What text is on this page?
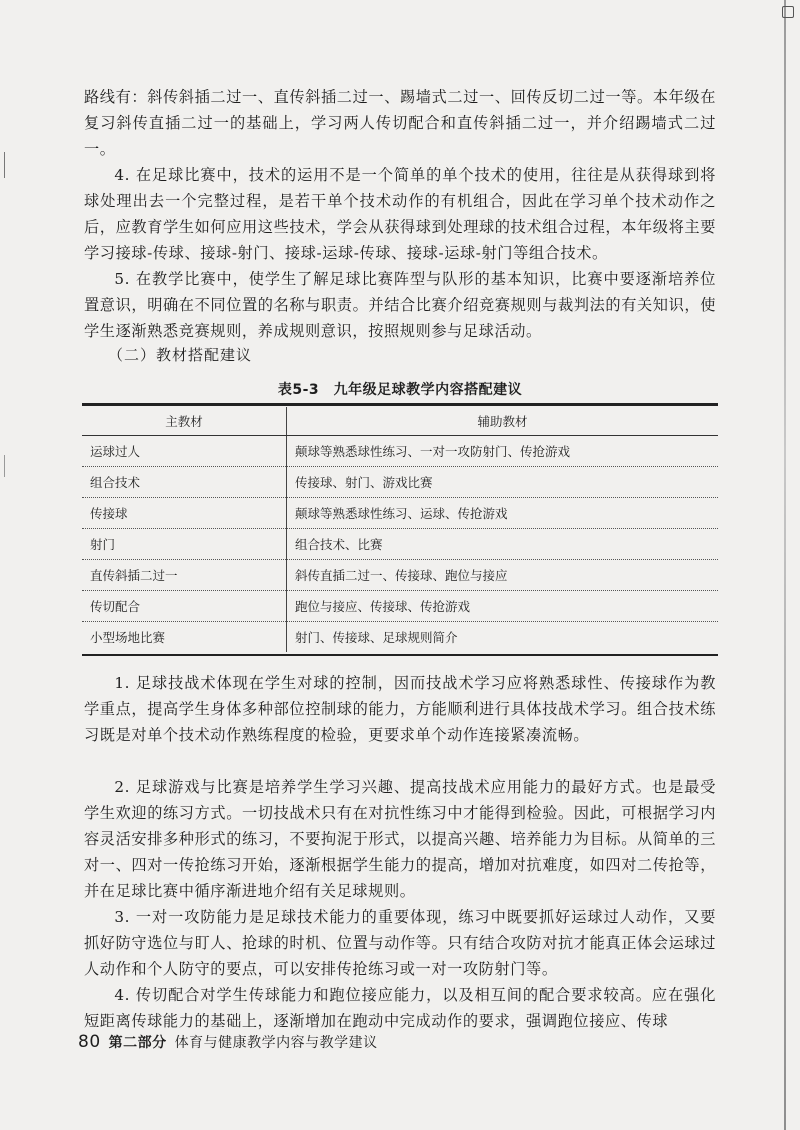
路线有：斜传斜插二过一、直传斜插二过一、踢墙式二过一、回传反切二过一等。本年级在复习斜传直插二过一的基础上，学习两人传切配合和直传斜插二过一，并介绍踢墙式二过一。

4. 在足球比赛中，技术的运用不是一个简单的单个技术的使用，往往是从获得球到将球处理出去一个完整过程，是若干单个技术动作的有机组合，因此在学习单个技术动作之后，应教育学生如何应用这些技术，学会从获得球到处理球的技术组合过程，本年级将主要学习接球-传球、接球-射门、接球-运球-传球、接球-运球-射门等组合技术。

5. 在教学比赛中，使学生了解足球比赛阵型与队形的基本知识，比赛中要逐渐培养位置意识，明确在不同位置的名称与职责。并结合比赛介绍竞赛规则与裁判法的有关知识，使学生逐渐熟悉竞赛规则，养成规则意识，按照规则参与足球活动。

（二）教材搭配建议

表5-3　九年级足球教学内容搭配建议

主教材	辅助教材
运球过人	颠球等熟悉球性练习、一对一攻防射门、传抢游戏
组合技术	传接球、射门、游戏比赛
传接球	颠球等熟悉球性练习、运球、传抢游戏
射门	组合技术、比赛
直传斜插二过一	斜传直插二过一、传接球、跑位与接应
传切配合	跑位与接应、传接球、传抢游戏
小型场地比赛	射门、传接球、足球规则简介

1. 足球技战术体现在学生对球的控制，因而技战术学习应将熟悉球性、传接球作为教学重点，提高学生身体多种部位控制球的能力，方能顺利进行具体技战术学习。组合技术练习既是对单个技术动作熟练程度的检验，更要求单个动作连接紧凑流畅。

2. 足球游戏与比赛是培养学生学习兴趣、提高技战术应用能力的最好方式。也是最受学生欢迎的练习方式。一切技战术只有在对抗性练习中才能得到检验。因此，可根据学习内容灵活安排多种形式的练习，不要拘泥于形式，以提高兴趣、培养能力为目标。从简单的三对一、四对一传抢练习开始，逐渐根据学生能力的提高，增加对抗难度，如四对二传抢等，并在足球比赛中循序渐进地介绍有关足球规则。

3. 一对一攻防能力是足球技术能力的重要体现，练习中既要抓好运球过人动作，又要抓好防守选位与盯人、抢球的时机、位置与动作等。只有结合攻防对抗才能真正体会运球过人动作和个人防守的要点，可以安排传抢练习或一对一攻防射门等。

4. 传切配合对学生传球能力和跑位接应能力，以及相互间的配合要求较高。应在强化短距离传球能力的基础上，逐渐增加在跑动中完成动作的要求，强调跑位接应、传球

80 第二部分 体育与健康教学内容与教学建议
